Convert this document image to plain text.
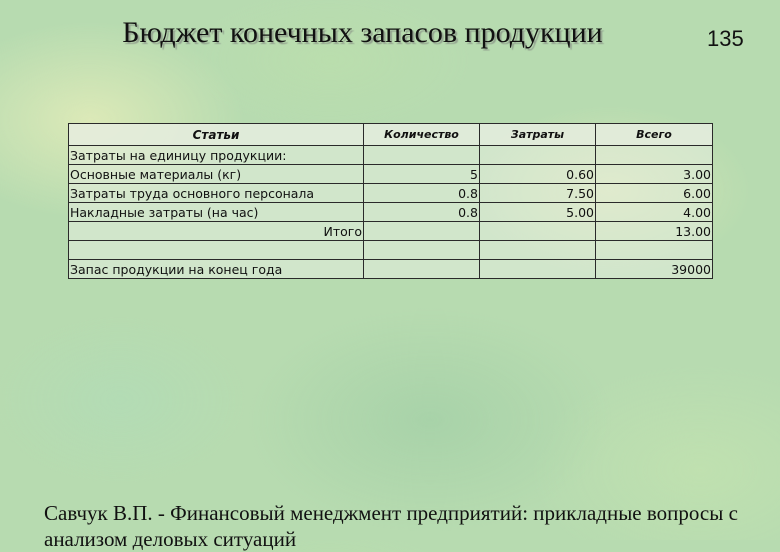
Бюджет конечных запасов продукции	135
Статьи	Количество	Затраты	Всего
Затраты на единицу продукции:			
Основные материалы (кг)	5	0.60	3.00
Затраты труда основного персонала	0.8	7.50	6.00
Накладные затраты (на час)	0.8	5.00	4.00
Итого			13.00

Запас продукции на конец года			39000

Савчук В.П. - Финансовый менеджмент предприятий: прикладные вопросы с анализом деловых ситуаций
